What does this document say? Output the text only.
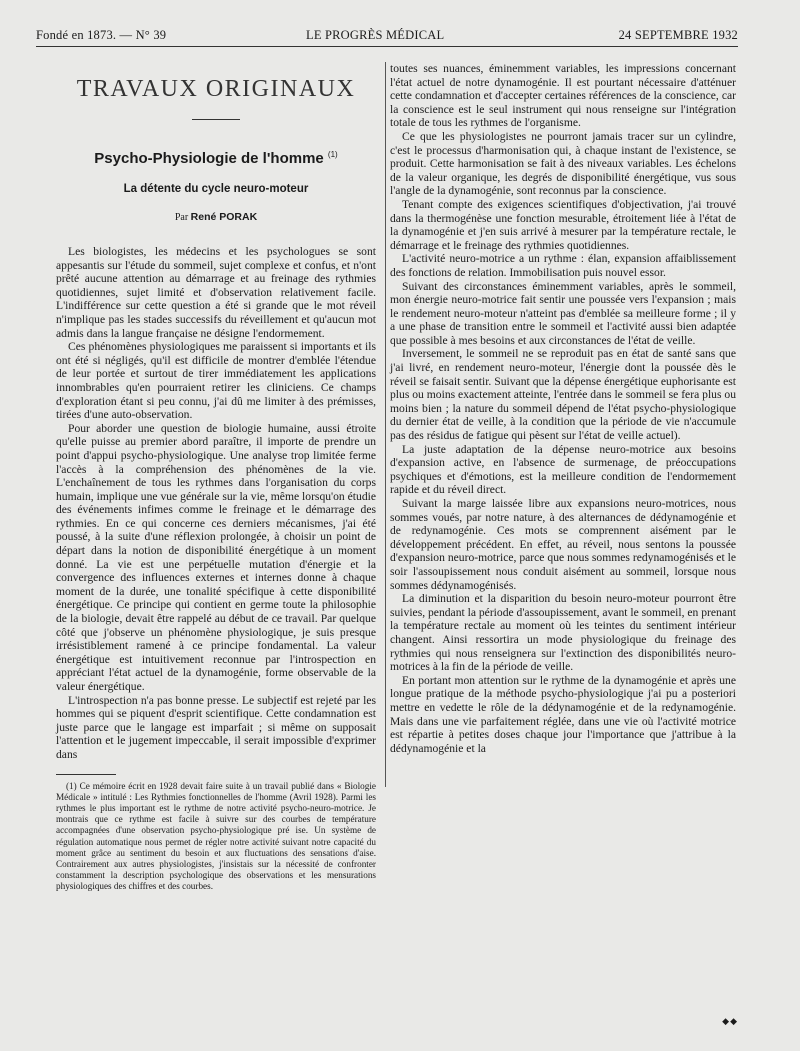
Fondé en 1873. — N° 39	LE PROGRÈS MÉDICAL	24 SEPTEMBRE 1932
TRAVAUX ORIGINAUX
Psycho-Physiologie de l'homme $^{(1)}$
La détente du cycle neuro-moteur
Par René PORAK

Les biologistes, les médecins et les psychologues se sont appesantis sur l'étude du sommeil, sujet complexe et confus, et n'ont prêté aucune attention au démarrage et au freinage des rythmies quotidiennes, sujet limité et d'observation relativement facile. L'indifférence sur cette question a été si grande que le mot réveil n'implique pas les stades successifs du réveillement et qu'aucun mot admis dans la langue française ne désigne l'endormement.

Ces phénomènes physiologiques me paraissent si importants et ils ont été si négligés, qu'il est difficile de montrer d'emblée l'étendue de leur portée et surtout de tirer immédiatement les applications innombrables qu'en pourraient retirer les cliniciens. Ce champs d'exploration étant si peu connu, j'ai dû me limiter à des prémisses, tirées d'une auto-observation.

Pour aborder une question de biologie humaine, aussi étroite qu'elle puisse au premier abord paraître, il importe de prendre un point d'appui psycho-physiologique. Une analyse trop limitée ferme l'accès à la compréhension des phénomènes de la vie. L'enchaînement de tous les rythmes dans l'organisation du corps humain, implique une vue générale sur la vie, même lorsqu'on étudie des événements infimes comme le freinage et le démarrage des rythmies. En ce qui concerne ces derniers mécanismes, j'ai été poussé, à la suite d'une réflexion prolongée, à choisir un point de départ dans la notion de disponibilité énergétique à un moment donné. La vie est une perpétuelle mutation d'énergie et la convergence des influences externes et internes donne à chaque moment de la durée, une tonalité spécifique à cette disponibilité énergétique. Ce principe qui contient en germe toute la philosophie de la biologie, devait être rappelé au début de ce travail. Par quelque côté que j'observe un phénomène physiologique, je suis presque irrésistiblement ramené à ce principe fondamental. La valeur énergétique est intuitivement reconnue par l'introspection en appréciant l'état actuel de la dynamogénie, forme observable de la valeur énergétique.

L'introspection n'a pas bonne presse. Le subjectif est rejeté par les hommes qui se piquent d'esprit scientifique. Cette condamnation est juste parce que le langage est imparfait ; si même on supposait l'attention et le jugement impeccable, il serait impossible d'exprimer dans

(1) Ce mémoire écrit en 1928 devait faire suite à un travail publié dans « Biologie Médicale » intitulé : Les Rythmies fonctionnelles de l'homme (Avril 1928). Parmi les rythmes le plus important est le rythme de notre activité psycho-neuro-motrice. Je montrais que ce rythme est facile à suivre sur des courbes de température accompagnées d'une observation psycho-physiologique pré ise. Un système de régulation automatique nous permet de régler notre activité suivant notre capacité du moment grâce au sentiment du besoin et aux fluctuations des sensations d'aise. Contrairement aux autres physiologistes, j'insistais sur la nécessité de confronter constamment la description psychologique des observations et les mensurations physiologiques des chiffres et des courbes.

toutes ses nuances, éminemment variables, les impressions concernant l'état actuel de notre dynamogénie. Il est pourtant nécessaire d'atténuer cette condamnation et d'accepter certaines références de la conscience, car la conscience est le seul instrument qui nous renseigne sur l'intégration totale de tous les rythmes de l'organisme.

Ce que les physiologistes ne pourront jamais tracer sur un cylindre, c'est le processus d'harmonisation qui, à chaque instant de l'existence, se produit. Cette harmonisation se fait à des niveaux variables. Les échelons de la valeur organique, les degrés de disponibilité énergétique, vus sous l'angle de la dynamogénie, sont reconnus par la conscience.

Tenant compte des exigences scientifiques d'objectivation, j'ai trouvé dans la thermogénèse une fonction mesurable, étroitement liée à l'état de la dynamogénie et j'en suis arrivé à mesurer par la température rectale, le démarrage et le freinage des rythmies quotidiennes.

L'activité neuro-motrice a un rythme : élan, expansion affaiblissement des fonctions de relation. Immobilisation puis nouvel essor.

Suivant des circonstances éminemment variables, après le sommeil, mon énergie neuro-motrice fait sentir une poussée vers l'expansion ; mais le rendement neuro-moteur n'atteint pas d'emblée sa meilleure forme ; il y a une phase de transition entre le sommeil et l'activité aussi bien adaptée que possible à mes besoins et aux circonstances de l'état de veille.

Inversement, le sommeil ne se reproduit pas en état de santé sans que j'ai livré, en rendement neuro-moteur, l'énergie dont la poussée dès le réveil se faisait sentir. Suivant que la dépense énergétique euphorisante est plus ou moins exactement atteinte, l'entrée dans le sommeil se fera plus ou moins bien ; la nature du sommeil dépend de l'état psycho-physiologique du dernier état de veille, à la condition que la période de vie n'accumule pas des résidus de fatigue qui pèsent sur l'état de veille actuel).

La juste adaptation de la dépense neuro-motrice aux besoins d'expansion active, en l'absence de surmenage, de préoccupations psychiques et d'émotions, est la meilleure condition de l'endormement rapide et du réveil direct.

Suivant la marge laissée libre aux expansions neuro-motrices, nous sommes voués, par notre nature, à des alternances de dédynamogénie et de redynamogénie. Ces mots se comprennent aisément par le développement précédent. En effet, au réveil, nous sentons la poussée d'expansion neuro-motrice, parce que nous sommes redynamogénisés et le soir l'assoupissement nous conduit aisément au sommeil, lorsque nous sommes dédynamogénisés.

La diminution et la disparition du besoin neuro-moteur pourront être suivies, pendant la période d'assoupissement, avant le sommeil, en prenant la température rectale au moment où les teintes du sentiment intérieur changent. Ainsi ressortira un mode physiologique du freinage des rythmies qui nous renseignera sur l'extinction des disponibilités neuro-motrices à la fin de la période de veille.

En portant mon attention sur le rythme de la dynamogénie et après une longue pratique de la méthode psycho-physiologique j'ai pu a posteriori mettre en vedette le rôle de la dédynamogénie et de la redynamogénie. Mais dans une vie parfaitement réglée, dans une vie où l'activité motrice est répartie à petites doses chaque jour l'importance que j'attribue à la dédynamogénie et la

◆◆
